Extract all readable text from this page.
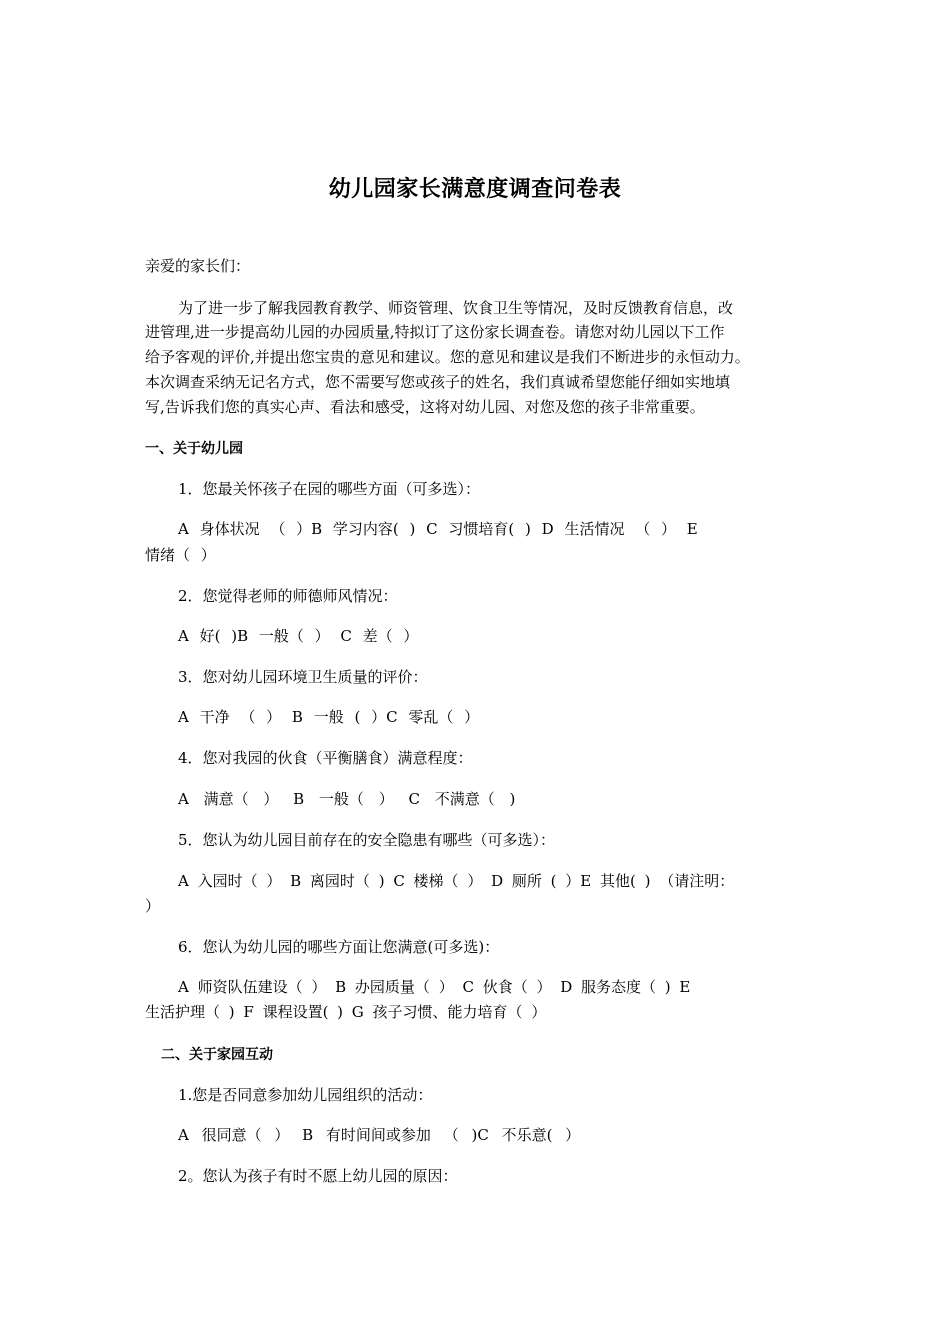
幼儿园家长满意度调查问卷表
亲爱的家长们：
为了进一步了解我园教育教学、师资管理、饮食卫生等情况，及时反馈教育信息，改
进管理,进一步提高幼儿园的办园质量,特拟订了这份家长调查卷。请您对幼儿园以下工作
给予客观的评价,并提出您宝贵的意见和建议。您的意见和建议是我们不断进步的永恒动力。
本次调查采纳无记名方式，您不需要写您或孩子的姓名，我们真诚希望您能仔细如实地填
写,告诉我们您的真实心声、看法和感受，这将对幼儿园、对您及您的孩子非常重要。
一、关于幼儿园
1．您最关怀孩子在园的哪些方面（可多选）：
A 身体状况 （ ）B 学习内容( ) C 习惯培育( ) D 生活情况 （ ） E
情绪（ ）
2．您觉得老师的师德师风情况：
A 好( )B 一般（ ） C 差（ ）
3．您对幼儿园环境卫生质量的评价：
A 干净 （ ） B 一般 ( ）C 零乱（ ）
4．您对我园的伙食（平衡膳食）满意程度：
A 满意（ ） B 一般（ ） C 不满意（ )
5．您认为幼儿园目前存在的安全隐患有哪些（可多选）：
A 入园时（ ） B 离园时（ ) C 楼梯（ ） D 厕所 ( ）E 其他( ) （请注明：
）
6．您认为幼儿园的哪些方面让您满意(可多选)：
A 师资队伍建设（ ） B 办园质量（ ） C 伙食（ ） D 服务态度（ ) E
生活护理（ ) F 课程设置( ) G 孩子习惯、能力培育（ ）
二、关于家园互动
1.您是否同意参加幼儿园组织的活动：
A 很同意（ ） B 有时间间或参加 （ )C 不乐意( ）
2。您认为孩子有时不愿上幼儿园的原因：
